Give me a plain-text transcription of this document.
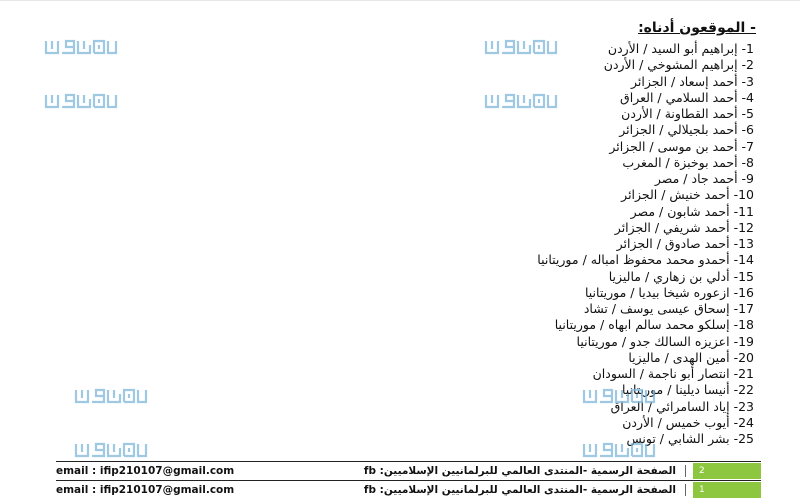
- الموقعون أدناه:
1- إبراهيم أبو السيد / الأردن
2- إبراهيم المشوخي / الأردن
3- أحمد إسعاد / الجزائر
4- أحمد السلامي / العراق
5- أحمد القطاونة / الأردن
6- أحمد بلجيلالي / الجزائر
7- أحمد بن موسى / الجزائر
8- أحمد بوخبزة / المغرب
9- أحمد جاد / مصر
10- أحمد خنيش / الجزائر
11- أحمد شابون / مصر
12- أحمد شريفي / الجزائر
13- أحمد صادوق / الجزائر
14- أحمدو محمد محفوظ امباله / موريتانيا
15- أدلي بن زهاري / ماليزيا
16- ازعوره شيخا بيديا / موريتانيا
17- إسحاق عيسى يوسف / تشاد
18- إسلكو محمد سالم ابهاه / موريتانيا
19- اعزيزه السالك جدو / موريتانيا
20- أمين الهدى / ماليزيا
21- انتصار أبو ناجمة / السودان
22- أنيسا ديلينا / موريتانيا
23- إياد السامرائي / العراق
24- أيوب خميس / الأردن
25- بشر الشابي / تونس
email : ifip210107@gmail.com	الصفحة الرسمية -المنتدى العالمي للبرلمانيين الإسلاميين: fb	2
email : ifip210107@gmail.com	الصفحة الرسمية -المنتدى العالمي للبرلمانيين الإسلاميين: fb	1
